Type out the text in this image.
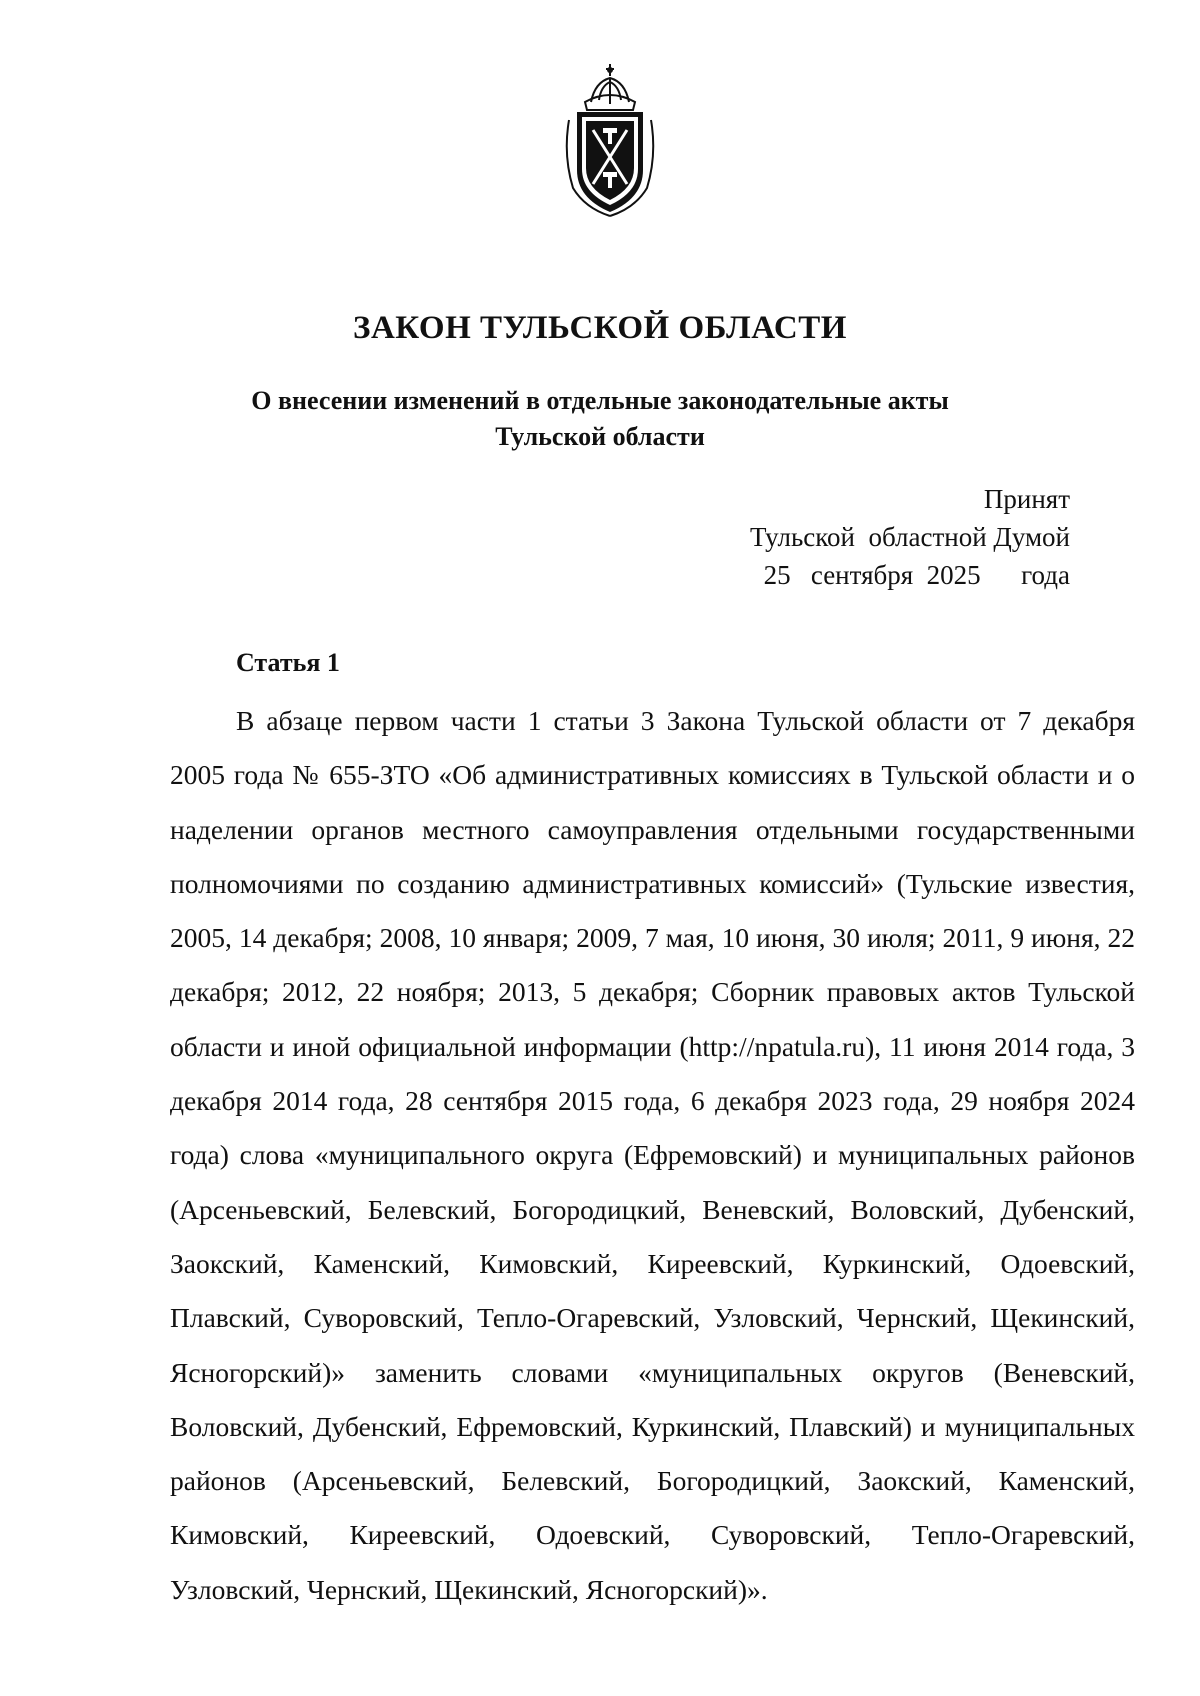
ЗАКОН ТУЛЬСКОЙ ОБЛАСТИ
О внесении изменений в отдельные законодательные акты
Тульской области
Принят
Тульской  областной Думой
25   сентября  2025      года
Статья 1

В абзаце первом части 1 статьи 3 Закона Тульской области от 7 декабря 2005 года № 655-ЗТО «Об административных комиссиях в Тульской области и о наделении органов местного самоуправления отдельными государственными полномочиями по созданию административных комиссий» (Тульские известия, 2005, 14 декабря; 2008, 10 января; 2009, 7 мая, 10 июня, 30 июля; 2011, 9 июня, 22 декабря; 2012, 22 ноября; 2013, 5 декабря; Сборник правовых актов Тульской области и иной официальной информации (http://npatula.ru), 11 июня 2014 года, 3 декабря 2014 года, 28 сентября 2015 года, 6 декабря 2023 года, 29 ноября 2024 года) слова «муниципального округа (Ефремовский) и муниципальных районов (Арсеньевский, Белевский, Богородицкий, Веневский, Воловский, Дубенский, Заокский, Каменский, Кимовский, Киреевский, Куркинский, Одоевский, Плавский, Суворовский, Тепло-Огаревский, Узловский, Чернский, Щекинский, Ясногорский)» заменить словами «муниципальных округов (Веневский, Воловский, Дубенский, Ефремовский, Куркинский, Плавский) и муниципальных районов (Арсеньевский, Белевский, Богородицкий, Заокский, Каменский, Кимовский, Киреевский, Одоевский, Суворовский, Тепло-Огаревский, Узловский, Чернский, Щекинский, Ясногорский)».
